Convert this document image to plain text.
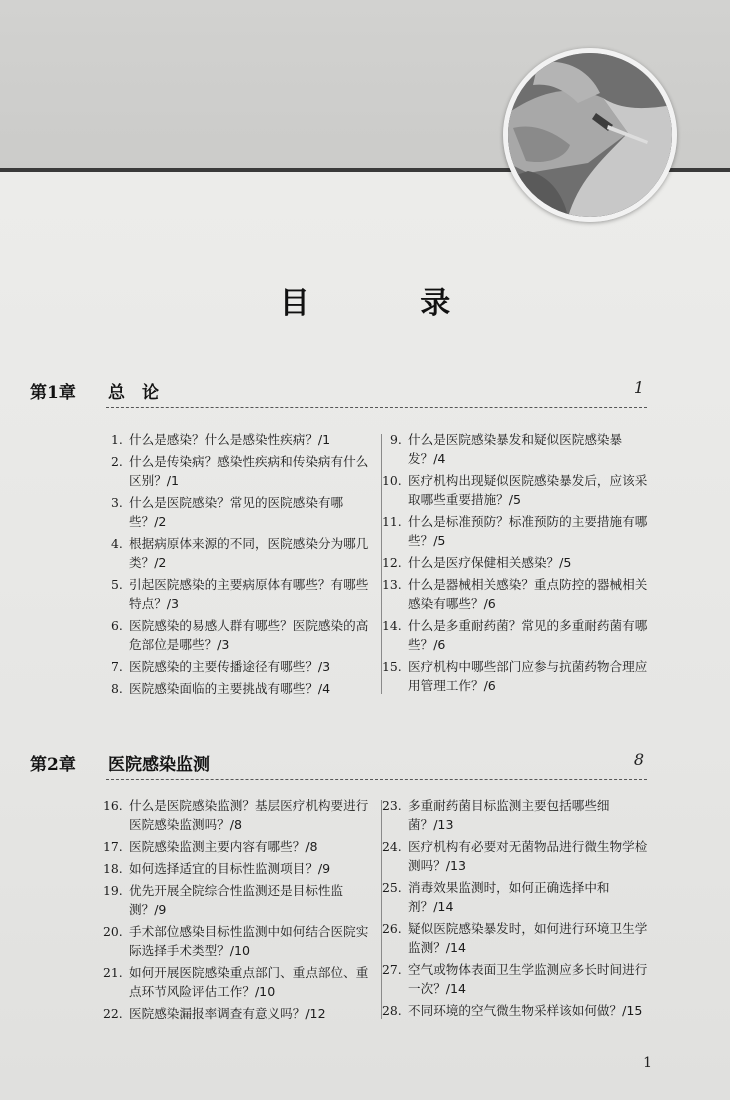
目 录
第1章 总　论	1
1. 什么是感染？什么是感染性疾病？/1
2. 什么是传染病？感染性疾病和传染病有什么区别？/1
3. 什么是医院感染？常见的医院感染有哪些？/2
4. 根据病原体来源的不同，医院感染分为哪几类？/2
5. 引起医院感染的主要病原体有哪些？有哪些特点？/3
6. 医院感染的易感人群有哪些？医院感染的高危部位是哪些？/3
7. 医院感染的主要传播途径有哪些？/3
8. 医院感染面临的主要挑战有哪些？/4
9. 什么是医院感染暴发和疑似医院感染暴发？/4
10. 医疗机构出现疑似医院感染暴发后，应该采取哪些重要措施？/5
11. 什么是标准预防？标准预防的主要措施有哪些？/5
12. 什么是医疗保健相关感染？/5
13. 什么是器械相关感染？重点防控的器械相关感染有哪些？/6
14. 什么是多重耐药菌？常见的多重耐药菌有哪些？/6
15. 医疗机构中哪些部门应参与抗菌药物合理应用管理工作？/6
第2章 医院感染监测	8
16. 什么是医院感染监测？基层医疗机构要进行医院感染监测吗？/8
17. 医院感染监测主要内容有哪些？/8
18. 如何选择适宜的目标性监测项目？/9
19. 优先开展全院综合性监测还是目标性监测？/9
20. 手术部位感染目标性监测中如何结合医院实际选择手术类型？/10
21. 如何开展医院感染重点部门、重点部位、重点环节风险评估工作？/10
22. 医院感染漏报率调查有意义吗？/12
23. 多重耐药菌目标监测主要包括哪些细菌？/13
24. 医疗机构有必要对无菌物品进行微生物学检测吗？/13
25. 消毒效果监测时，如何正确选择中和剂？/14
26. 疑似医院感染暴发时，如何进行环境卫生学监测？/14
27. 空气或物体表面卫生学监测应多长时间进行一次？/14
28. 不同环境的空气微生物采样该如何做？/15
1
